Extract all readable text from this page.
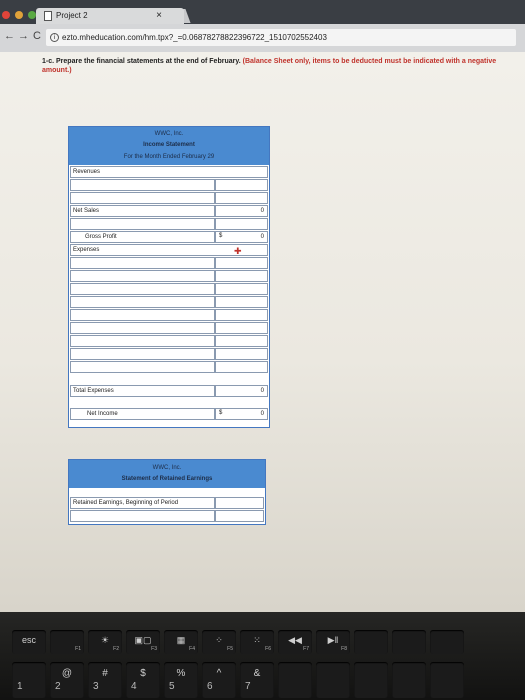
Project 2	×
← → C	i ezto.mheducation.com/hm.tpx?_=0.06878278822396722_1510702552403
1-c. Prepare the financial statements at the end of February. (Balance Sheet only, items to be deducted must be indicated with a negative amount.)
WWC, Inc.
Income Statement
For the Month Ended February 29
Revenues
Net Sales	0
Gross Profit	0
$
Expenses	✚
Total Expenses	0
Net Income	0
$
WWC, Inc.
Statement of Retained Earnings
Retained Earnings, Beginning of Period
esc
F1
☀
F2
▣▢
F3
▦
F4
⁘
F5
⁙
F6
◀◀
F7
▶ǁ
F8
1
@
2
#
3
$
4
%
5
^
6
&
7
